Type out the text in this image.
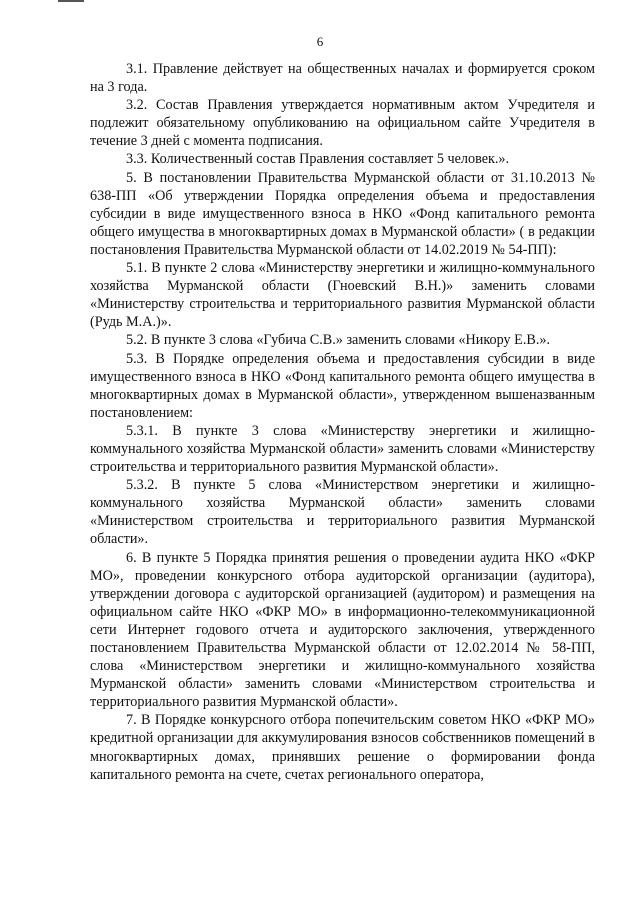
6

3.1. Правление действует на общественных началах и формируется сроком на 3 года.

3.2. Состав Правления утверждается нормативным актом Учредителя и подлежит обязательному опубликованию на официальном сайте Учредителя в течение 3 дней с момента подписания.

3.3. Количественный состав Правления составляет 5 человек.».

5. В постановлении Правительства Мурманской области от 31.10.2013 № 638-ПП «Об утверждении Порядка определения объема и предоставления субсидии в виде имущественного взноса в НКО «Фонд капитального ремонта общего имущества в многоквартирных домах в Мурманской области» ( в редакции постановления Правительства Мурманской области от 14.02.2019 № 54-ПП):

5.1. В пункте 2 слова «Министерству энергетики и жилищно-коммунального хозяйства Мурманской области (Гноевский В.Н.)» заменить словами «Министерству строительства и территориального развития Мурманской области (Рудь М.А.)».

5.2. В пункте 3 слова «Губича С.В.» заменить словами «Никору Е.В.».

5.3. В Порядке определения объема и предоставления субсидии в виде имущественного взноса в НКО «Фонд капитального ремонта общего имущества в многоквартирных домах в Мурманской области», утвержденном вышеназванным постановлением:

5.3.1. В пункте 3 слова «Министерству энергетики и жилищно-коммунального хозяйства Мурманской области» заменить словами «Министерству строительства и территориального развития Мурманской области».

5.3.2. В пункте 5 слова «Министерством энергетики и жилищно-коммунального хозяйства Мурманской области» заменить словами «Министерством строительства и территориального развития Мурманской области».

6. В пункте 5 Порядка принятия решения о проведении аудита НКО «ФКР МО», проведении конкурсного отбора аудиторской организации (аудитора), утверждении договора с аудиторской организацией (аудитором) и размещения на официальном сайте НКО «ФКР МО» в информационно-телекоммуникационной сети Интернет годового отчета и аудиторского заключения, утвержденного постановлением Правительства Мурманской области от 12.02.2014 № 58-ПП, слова «Министерством энергетики и жилищно-коммунального хозяйства Мурманской области» заменить словами «Министерством строительства и территориального развития Мурманской области».

7. В Порядке конкурсного отбора попечительским советом НКО «ФКР МО» кредитной организации для аккумулирования взносов собственников помещений в многоквартирных домах, принявших решение о формировании фонда капитального ремонта на счете, счетах регионального оператора,
